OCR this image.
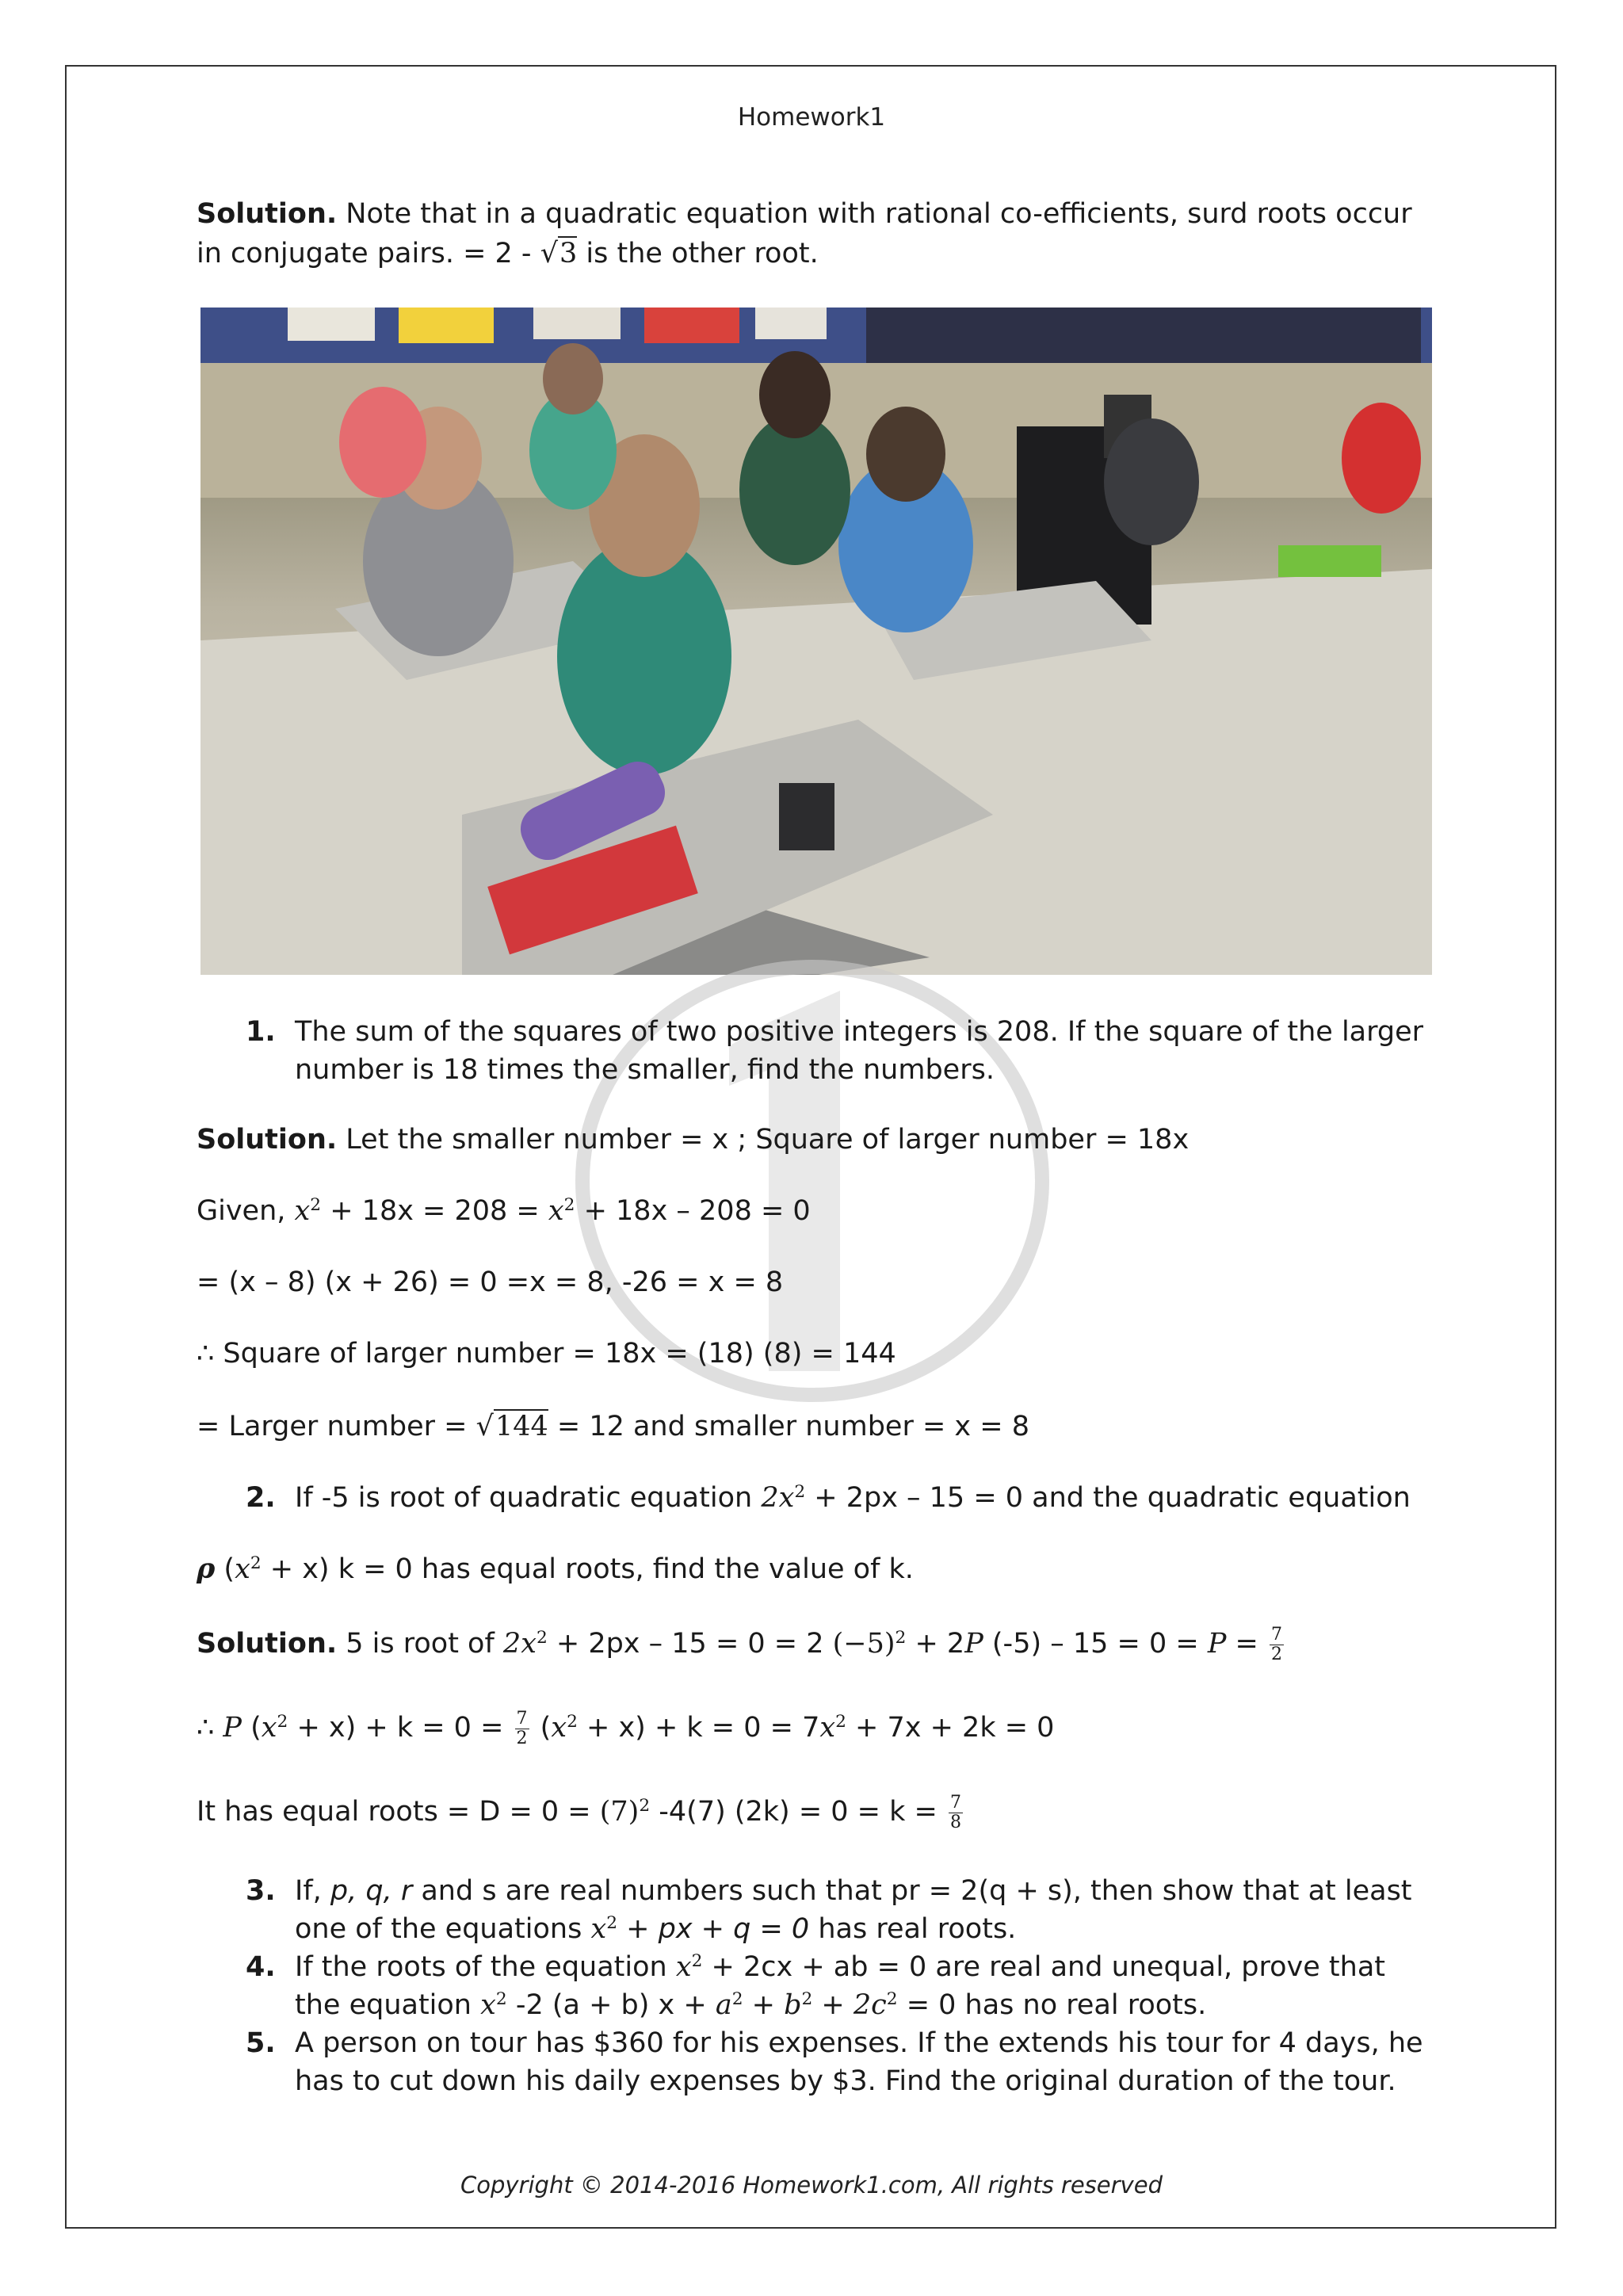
Homework1
Solution. Note that in a quadratic equation with rational co-efficients, surd roots occur
in conjugate pairs. = 2 - √3 is the other root.
1. The sum of the squares of two positive integers is 208. If the square of the larger number is 18 times the smaller, find the numbers.
Solution. Let the smaller number = x ; Square of larger number = 18x
Given, $x^2 + 18x = 208 = x^2 + 18x - 208 = 0$
= (x – 8) (x + 26) = 0 =x = 8, -26 = x = 8
∴ Square of larger number = 18x = (18) (8) = 144
= Larger number = √144 = 12 and smaller number = x = 8
2. If -5 is root of quadratic equation $2x^2 + 2px - 15 = 0$ and the quadratic equation
ρ $(x^2 + x) k = 0$ has equal roots, find the value of k.
Solution. 5 is root of $2x^2 + 2px - 15 = 0 = 2$ $(-5)^2 + 2P$ $(-5) - 15 = 0 = P = \frac{7}{2}$
∴ P $(x^2 + x) + k = 0 = \frac{7}{2} (x^2 + x) + k = 0 = 7x^2 + 7x + 2k = 0$
It has equal roots = $D = 0 = (7)^2$ -4(7) $(2k) = 0 = k = \frac{7}{8}$
3. If, p, q, r and s are real numbers such that pr = 2(q + s), then show that at least one of the equations $x^2$ + px + q = 0 has real roots.
4. If the roots of the equation $x^2 + 2cx$ + ab = 0 are real and unequal, prove that the equation $x^2$ -2 (a + b) $x + a^2 + b^2 + 2c^2 = 0$ has no real roots.
5. A person on tour has $360 for his expenses. If the extends his tour for 4 days, he has to cut down his daily expenses by $3. Find the original duration of the tour.
Copyright © 2014-2016 Homework1.com, All rights reserved
